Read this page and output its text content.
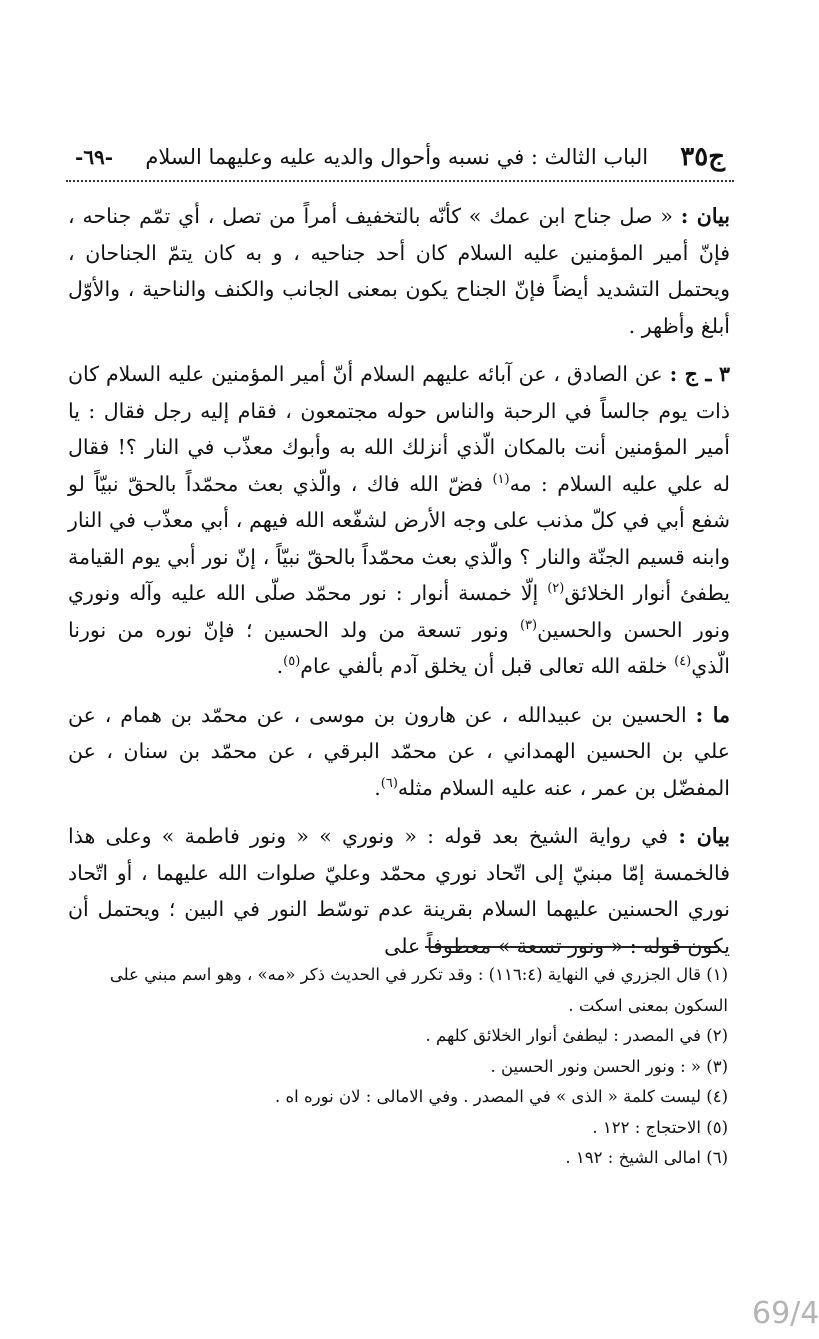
ج٣٥
الباب الثالث : في نسبه وأحوال والديه عليه وعليهما السلام
-٦٩-

بيان : « صل جناح ابن عمك » كأنّه بالتخفيف أمراً من تصل ، أي تمّم جناحه ، فإنّ أمير المؤمنين عليه السلام كان أحد جناحيه ، و به كان يتمّ الجناحان ، ويحتمل التشديد أيضاً فإنّ الجناح يكون بمعنى الجانب والكنف والناحية ، والأوّل أبلغ وأظهر .

٣ ـ ج : عن الصادق ، عن آبائه عليهم السلام أنّ أمير المؤمنين عليه السلام كان ذات يوم جالساً في الرحبة والناس حوله مجتمعون ، فقام إليه رجل فقال : يا أمير المؤمنين أنت بالمكان الّذي أنزلك الله به وأبوك معذّب في النار ؟! فقال له علي عليه السلام : مه$^{(١)}$ فضّ الله فاك ، والّذي بعث محمّداً بالحقّ نبيّاً لو شفع أبي في كلّ مذنب على وجه الأرض لشفّعه الله فيهم ، أبي معذّب في النار وابنه قسيم الجنّة والنار ؟ والّذي بعث محمّداً بالحقّ نبيّاً ، إنّ نور أبي يوم القيامة يطفئ أنوار الخلائق$^{(٢)}$ إلّا خمسة أنوار : نور محمّد صلّى الله عليه وآله ونوري ونور الحسن والحسين$^{(٣)}$ ونور تسعة من ولد الحسين ؛ فإنّ نوره من نورنا الّذي$^{(٤)}$ خلقه الله تعالى قبل أن يخلق آدم بألفي عام$^{(٥)}$.

ما : الحسين بن عبيدالله ، عن هارون بن موسى ، عن محمّد بن همام ، عن علي بن الحسين الهمداني ، عن محمّد البرقي ، عن محمّد بن سنان ، عن المفضّل بن عمر ، عنه عليه السلام مثله$^{(٦)}$.

بيان : في رواية الشيخ بعد قوله : « ونوري » « ونور فاطمة » وعلى هذا فالخمسة إمّا مبنيّ إلى اتّحاد نوري محمّد وعليّ صلوات الله عليهما ، أو اتّحاد نوري الحسنين عليهما السلام بقرينة عدم توسّط النور في البين ؛ ويحتمل أن يكون قوله : « ونور تسعة » معطوفاً على

(١) قال الجزري في النهاية (١١٦:٤) : وقد تكرر في الحديث ذكر «مه» ، وهو اسم مبني على السكون بمعنى اسكت .
(٢) في المصدر : ليطفئ أنوار الخلائق كلهم .
(٣) « : ونور الحسن ونور الحسين .
(٤) ليست كلمة « الذى » في المصدر . وفي الامالى : لان نوره اه .
(٥) الاحتجاج : ١٢٢ .
(٦) امالى الشيخ : ١٩٢ .
69/4
